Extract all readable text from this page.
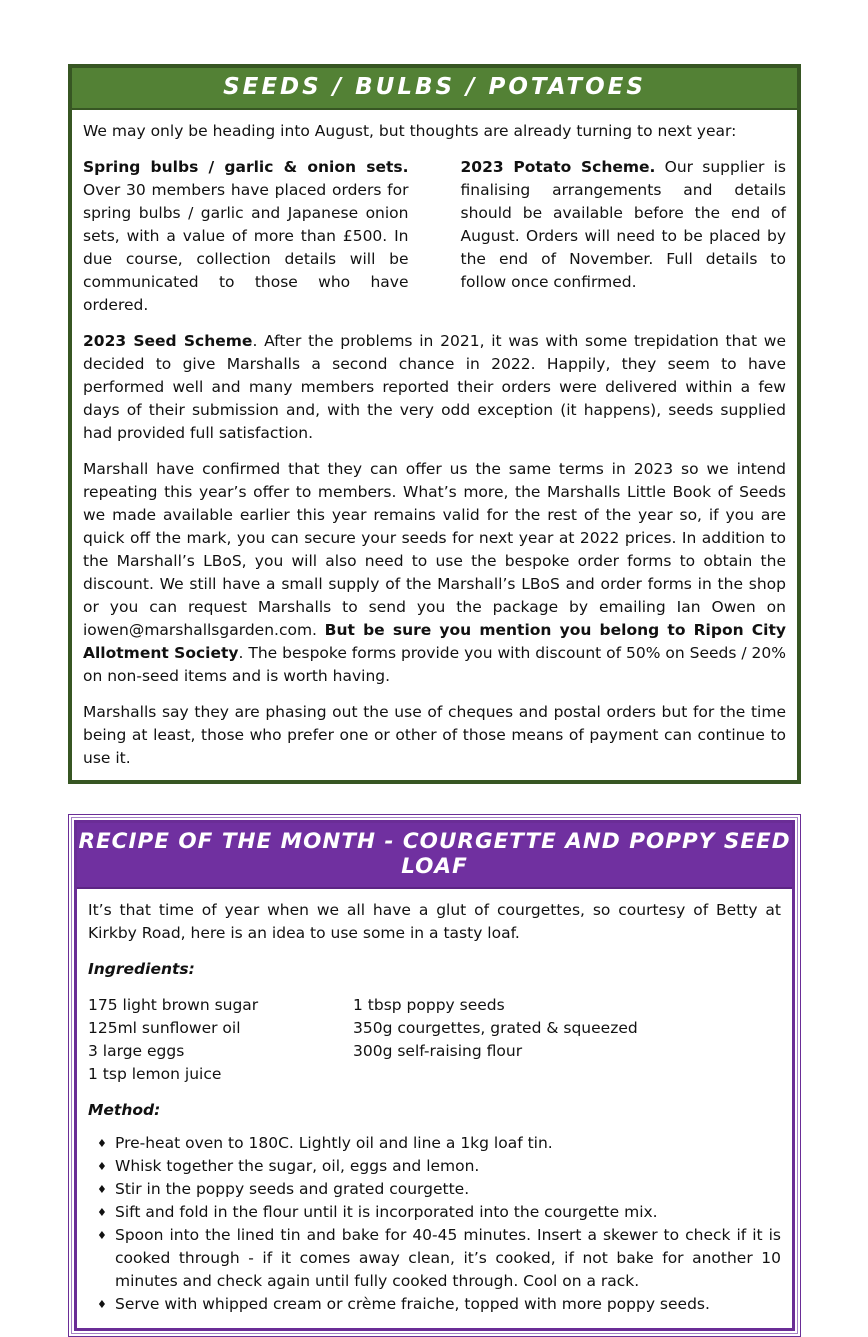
SEEDS / BULBS / POTATOES

We may only be heading into August, but thoughts are already turning to next year:

Spring bulbs / garlic & onion sets. Over 30 members have placed orders for spring bulbs / garlic and Japanese onion sets, with a value of more than £500. In due course, collection details will be communicated to those who have ordered.

2023 Potato Scheme. Our supplier is finalising arrangements and details should be available before the end of August. Orders will need to be placed by the end of November. Full details to follow once confirmed.

2023 Seed Scheme. After the problems in 2021, it was with some trepidation that we decided to give Marshalls a second chance in 2022. Happily, they seem to have performed well and many members reported their orders were delivered within a few days of their submission and, with the very odd exception (it happens), seeds supplied had provided full satisfaction.

Marshall have confirmed that they can offer us the same terms in 2023 so we intend repeating this year’s offer to members. What’s more, the Marshalls Little Book of Seeds we made available earlier this year remains valid for the rest of the year so, if you are quick off the mark, you can secure your seeds for next year at 2022 prices. In addition to the Marshall’s LBoS, you will also need to use the bespoke order forms to obtain the discount. We still have a small supply of the Marshall’s LBoS and order forms in the shop or you can request Marshalls to send you the package by emailing Ian Owen on iowen@marshallsgarden.com. But be sure you mention you belong to Ripon City Allotment Society. The bespoke forms provide you with discount of 50% on Seeds / 20% on non-seed items and is worth having.

Marshalls say they are phasing out the use of cheques and postal orders but for the time being at least, those who prefer one or other of those means of payment can continue to use it.

RECIPE OF THE MONTH - COURGETTE AND POPPY SEED LOAF

It’s that time of year when we all have a glut of courgettes, so courtesy of Betty at Kirkby Road, here is an idea to use some in a tasty loaf.

Ingredients:

175 light brown sugar
125ml sunflower oil
3 large eggs
1 tsp lemon juice
1 tbsp poppy seeds
350g courgettes, grated & squeezed
300g self-raising flour

Method:

♦ Pre-heat oven to 180C. Lightly oil and line a 1kg loaf tin.
♦ Whisk together the sugar, oil, eggs and lemon.
♦ Stir in the poppy seeds and grated courgette.
♦ Sift and fold in the flour until it is incorporated into the courgette mix.
♦ Spoon into the lined tin and bake for 40-45 minutes. Insert a skewer to check if it is cooked through - if it comes away clean, it’s cooked, if not bake for another 10 minutes and check again until fully cooked through. Cool on a rack.
♦ Serve with whipped cream or crème fraiche, topped with more poppy seeds.
